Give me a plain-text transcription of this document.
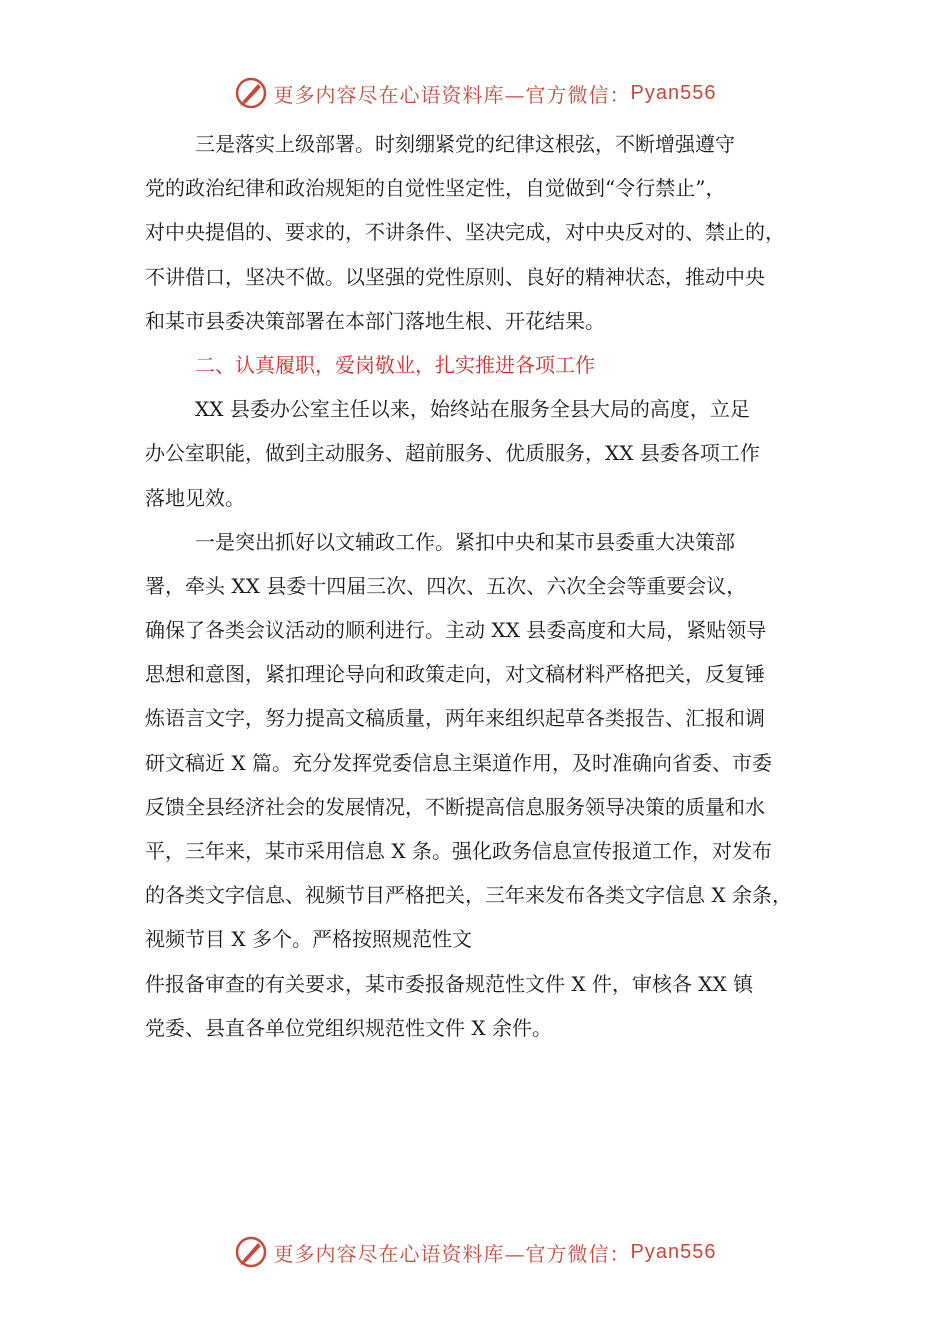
更多内容尽在心语资料库—官方微信： Pyan556
三是落实上级部署。时刻绷紧党的纪律这根弦，不断增强遵守
党的政治纪律和政治规矩的自觉性坚定性，自觉做到“令行禁止”，
对中央提倡的、要求的，不讲条件、坚决完成，对中央反对的、禁止的，
不讲借口，坚决不做。以坚强的党性原则、良好的精神状态，推动中央
和某市县委决策部署在本部门落地生根、开花结果。
二、认真履职，爱岗敬业，扎实推进各项工作
XX 县委办公室主任以来，始终站在服务全县大局的高度，立足
办公室职能，做到主动服务、超前服务、优质服务，XX 县委各项工作
落地见效。
一是突出抓好以文辅政工作。紧扣中央和某市县委重大决策部
署，牵头 XX 县委十四届三次、四次、五次、六次全会等重要会议，
确保了各类会议活动的顺利进行。主动 XX 县委高度和大局，紧贴领导
思想和意图，紧扣理论导向和政策走向，对文稿材料严格把关，反复锤
炼语言文字，努力提高文稿质量，两年来组织起草各类报告、汇报和调
研文稿近 X 篇。充分发挥党委信息主渠道作用，及时准确向省委、市委
反馈全县经济社会的发展情况，不断提高信息服务领导决策的质量和水
平，三年来，某市采用信息 X 条。强化政务信息宣传报道工作，对发布
的各类文字信息、视频节目严格把关，三年来发布各类文字信息 X 余条，
视频节目 X 多个。严格按照规范性文
件报备审查的有关要求，某市委报备规范性文件 X 件，审核各 XX 镇
党委、县直各单位党组织规范性文件 X 余件。
更多内容尽在心语资料库—官方微信： Pyan556
